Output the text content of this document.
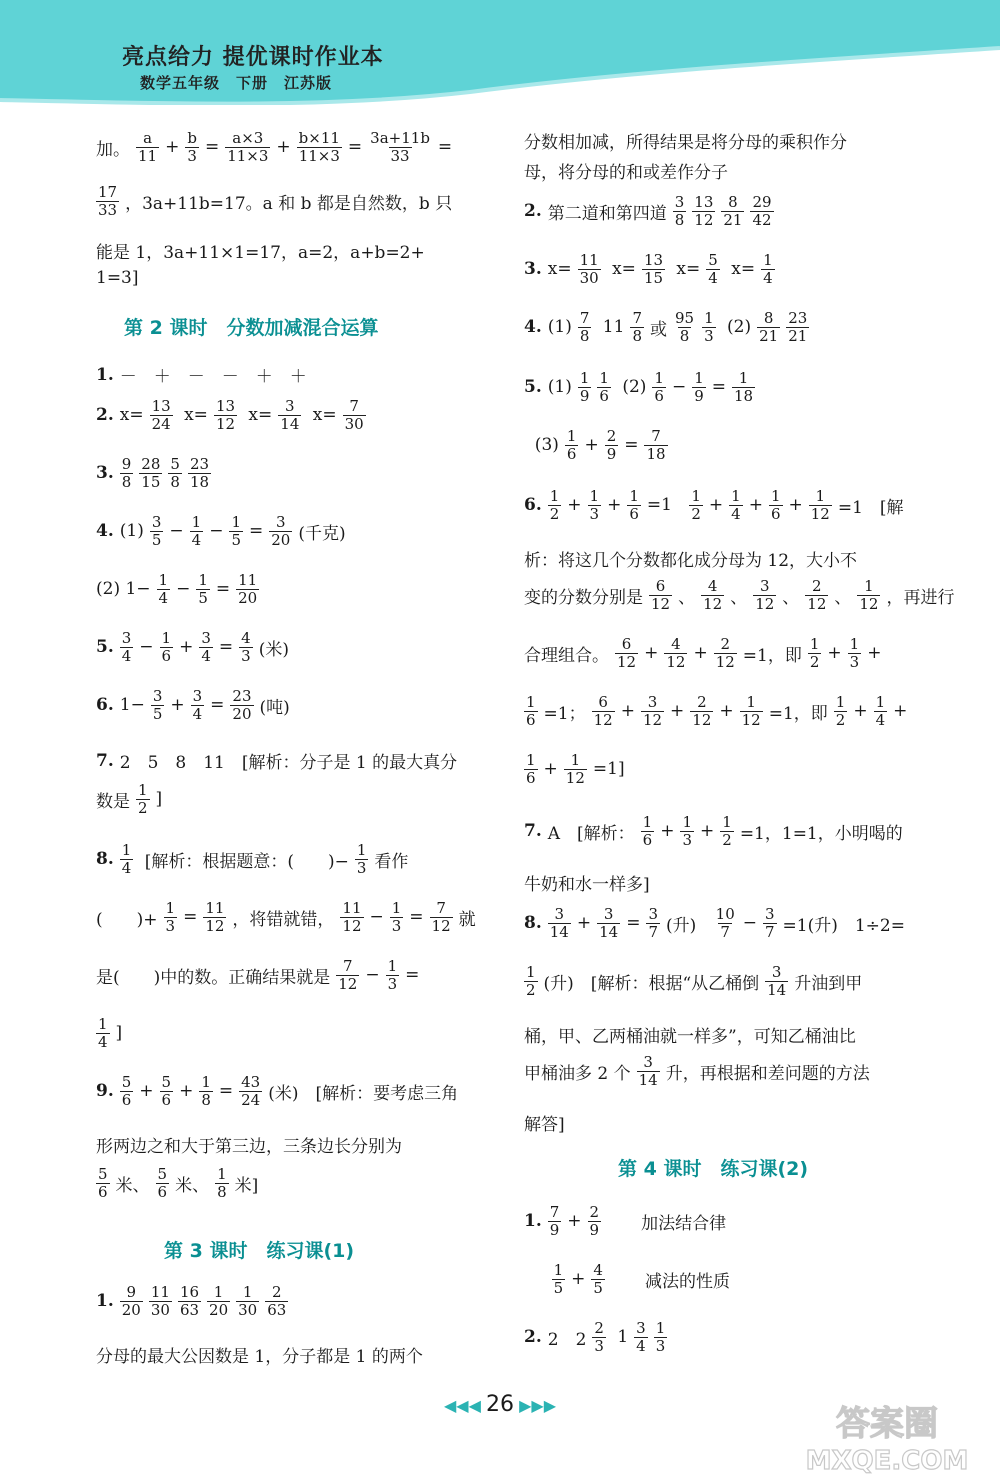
亮点给力 提优课时作业本
数学五年级　下册　江苏版
加。 $\frac{a}{11} + \frac{b}{3} = \frac{a\times 3}{11\times 3} + \frac{b\times 11}{11\times 3} = \frac{3a+11b}{33}$ =
$\frac{17}{33}$ ，3a+11b=17。a 和 b 都是自然数，b 只
能是 1，3a+11×1=17，a=2，a+b=2+
1=3]
第 2 课时　分数加减混合运算
1. －　＋　－　－　＋　＋
2. $x= \frac{13}{24} x= \frac{13}{12} x= \frac{3}{14} x= \frac{7}{30}$
3. $\frac{9}{8} \frac{28}{15} \frac{5}{8} \frac{23}{18}$
4. $(1) \frac{3}{5} - \frac{1}{4} - \frac{1}{5} = \frac{3}{20}$ (千克)
(2) $1- \frac{1}{4} - \frac{1}{5} = \frac{11}{20}$
5. $\frac{3}{4} - \frac{1}{6} + \frac{3}{4} = \frac{4}{3}$ (米)
6. $1- \frac{3}{5} + \frac{3}{4} = \frac{23}{20}$ (吨)
7. 2　5　8　11　[解析：分子是 1 的最大真分
数是 $\frac{1}{2}$ ]
8. $\frac{1}{4}$ [解析：根据题意：(　　)− $\frac{1}{3}$ 看作
(　　)+ $\frac{1}{3} = \frac{11}{12}$ ，将错就错， $\frac{11}{12} - \frac{1}{3} = \frac{7}{12}$ 就
是(　　)中的数。正确结果就是 $\frac{7}{12} - \frac{1}{3}$ =
$\frac{1}{4}$ ]
9. $\frac{5}{6} + \frac{5}{6} + \frac{1}{8} = \frac{43}{24}$ (米)　[解析：要考虑三角
形两边之和大于第三边，三条边长分别为
$\frac{5}{6}$ 米、 $\frac{5}{6}$ 米、 $\frac{1}{8}$ 米]
第 3 课时　练习课(1)
1. $\frac{9}{20} \frac{11}{30} \frac{16}{63} \frac{1}{20} \frac{1}{30} \frac{2}{63}$
分母的最大公因数是 1，分子都是 1 的两个
分数相加减，所得结果是将分母的乘积作分
母，将分母的和或差作分子
2. 第二道和第四道 $\frac{3}{8} \frac{13}{12} \frac{8}{21} \frac{29}{42}$
3. $x= \frac{11}{30} x= \frac{13}{15} x= \frac{5}{4} x= \frac{1}{4}$
4. $(1) \frac{7}{8} 11 \frac{7}{8}$ 或 $\frac{95}{8} \frac{1}{3} (2) \frac{8}{21} \frac{23}{21}$
5. $(1) \frac{1}{9} \frac{1}{6} (2) \frac{1}{6} - \frac{1}{9} = \frac{1}{18}$
$(3) \frac{1}{6} + \frac{2}{9} = \frac{7}{18}$
6. $\frac{1}{2} + \frac{1}{3} + \frac{1}{6} =1$
$\frac{1}{2} + \frac{1}{4} + \frac{1}{6} + \frac{1}{12} =1$　[解
析：将这几个分数都化成分母为 12，大小不
变的分数分别是 $\frac{6}{12}$ 、 $\frac{4}{12}$ 、 $\frac{3}{12}$ 、 $\frac{2}{12}$ 、 $\frac{1}{12}$ ，再进行
合理组合。 $\frac{6}{12} + \frac{4}{12} + \frac{2}{12} =1$，即 $\frac{1}{2} + \frac{1}{3}$ +
$\frac{1}{6} =1$； $\frac{6}{12} + \frac{3}{12} + \frac{2}{12} + \frac{1}{12} =1$，即 $\frac{1}{2} + \frac{1}{4}$ +
$\frac{1}{6} + \frac{1}{12} =1$]
7. A　[解析： $\frac{1}{6} + \frac{1}{3} + \frac{1}{2} =1$，1=1，小明喝的
牛奶和水一样多]
8. $\frac{3}{14} + \frac{3}{14} = \frac{3}{7}$ (升)
$\frac{10}{7} - \frac{3}{7} =1$(升)　1÷2=
$\frac{1}{2}$ (升)　[解析：根据“从乙桶倒 $\frac{3}{14}$ 升油到甲
桶，甲、乙两桶油就一样多”，可知乙桶油比
甲桶油多 2 个 $\frac{3}{14}$ 升，再根据和差问题的方法
解答]
第 4 课时　练习课(2)
1. $\frac{7}{9} + \frac{2}{9}$ 　　加法结合律

$\frac{1}{5} + \frac{4}{5}$ 　　减法的性质
2. 2　$2 \frac{2}{3} 1 \frac{3}{4} \frac{1}{3}$
◀◀◀ 26 ▶▶▶	答案圈
MXQE.COM
